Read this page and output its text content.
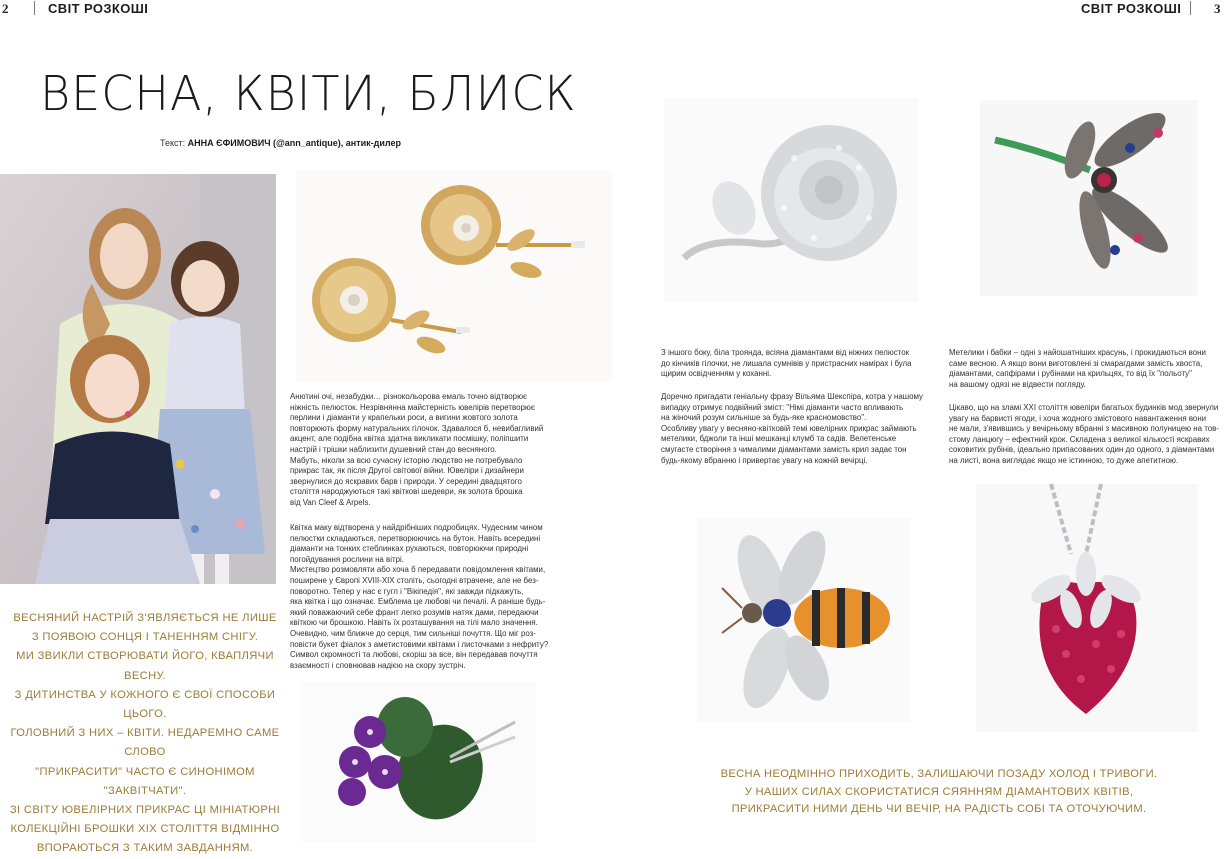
2	СВІТ РОЗКОШІ	СВІТ РОЗКОШІ	3
ВЕСНА, КВІТИ, БЛИСК
Текст: АННА ЄФИМОВИЧ (@ann_antique), антик-дилер
ВЕСНЯНИЙ НАСТРІЙ З'ЯВЛЯЄТЬСЯ НЕ ЛИШЕ
З ПОЯВОЮ СОНЦЯ І ТАНЕННЯМ СНІГУ.
МИ ЗВИКЛИ СТВОРЮВАТИ ЙОГО, КВАПЛЯЧИ ВЕСНУ.
З ДИТИНСТВА У КОЖНОГО Є СВОЇ СПОСОБИ ЦЬОГО.
ГОЛОВНИЙ З НИХ – КВІТИ. НЕДАРЕМНО САМЕ СЛОВО
"ПРИКРАСИТИ" ЧАСТО Є СИНОНІМОМ "ЗАКВІТЧАТИ".
ЗІ СВІТУ ЮВЕЛІРНИХ ПРИКРАС ЦІ МІНІАТЮРНІ
КОЛЕКЦІЙНІ БРОШКИ XIX СТОЛІТТЯ ВІДМІННО
ВПОРАЮТЬСЯ З ТАКИМ ЗАВДАННЯМ.
Анютині очі, незабудки… різнокольорова емаль точно відтворює
ніжність пелюсток. Незрівнянна майстерність ювелірів перетворює
перлини і діаманти у крапельки роси, а вигини жовтого золота
повторюють форму натуральних гілочок. Здавалося б, невибагливий
акцент, але подібна квітка здатна викликати посмішку, поліпшити
настрій і трішки наблизити душевний стан до весняного.
Мабуть, ніколи за всю сучасну історію людство не потребувало
прикрас так, як після Другої світової війни. Ювеліри і дизайнери
звернулися до яскравих барв і природи. У середині двадцятого
століття народжуються такі квіткові шедеври, як золота брошка
від Van Cleef & Arpels.
Квітка маку відтворена у найдрібніших подробицях. Чудесним чином
пелюстки складаються, перетворюючись на бутон. Навіть всередині
діаманти на тонких стеблинках рухаються, повторюючи природні
погойдування рослини на вітрі.
Мистецтво розмовляти або хоча б передавати повідомлення квітами,
поширене у Європі XVIII-XIX століть, сьогодні втрачене, але не без-
поворотно. Тепер у нас є гугл і "Вікіпедія", які завжди підкажуть,
яка квітка і що означає. Емблема це любові чи печалі. А раніше будь-
який поважаючий себе франт легко розумів натяк дами, передаючи
квіткою чи брошкою. Навіть їх розташування на тілі мало значення.
Очевидно, чим ближче до серця, тим сильніші почуття. Що міг роз-
повісти букет фіалок з аметистовими квітами і листочками з нефриту?
Символ скромності та любові, скоріш за все, він передавав почуття
взаємності і сповнював надією на скору зустріч.
З іншого боку, біла троянда, всіяна діамантами від ніжних пелюсток
до кінчиків гілочки, не лишала сумнівів у пристрасних намірах і була
щирим освідченням у коханні.
Доречно пригадати геніальну фразу Вільяма Шекспіра, котра у нашому
випадку отримує подвійний зміст: "Німі діаманти часто впливають
на жіночий розум сильніше за будь-яке красномовство".
Особливу увагу у весняно-квітковій темі ювелірних прикрас займають
метелики, бджоли та інші мешканці клумб та садів. Велетенське
смугасте створіння з чималими діамантами замість крил задає тон
будь-якому вбранню і привертає увагу на кожній вечірці.
Метелики і бабки – одні з найошатніших красунь, і прокидаються вони
саме весною. А якщо вони виготовлені зі смарагдами замість хвоста,
діамантами, сапфірами і рубінами на крильцях, то від їх "польоту"
на вашому одязі не відвести погляду.
Цікаво, що на зламі XXI століття ювеліри багатьох будинків мод звернули
увагу на барвисті ягоди, і хоча жодного змістового навантаження вони
не мали, з'явившись у вечірньому вбранні з масивною полуницею на тов-
стому ланцюгу – ефектний крок. Складена з великої кількості яскравих
соковитих рубінів, ідеально припасованих один до одного, з діамантами
на листі, вона виглядає якщо не істинною, то дуже апетитною.
ВЕСНА НЕОДМІННО ПРИХОДИТЬ, ЗАЛИШАЮЧИ ПОЗАДУ ХОЛОД І ТРИВОГИ.
У НАШИХ СИЛАХ СКОРИСТАТИСЯ СЯЯННЯМ ДІАМАНТОВИХ КВІТІВ,
ПРИКРАСИТИ НИМИ ДЕНЬ ЧИ ВЕЧІР, НА РАДІСТЬ СОБІ ТА ОТОЧУЮЧИМ.
